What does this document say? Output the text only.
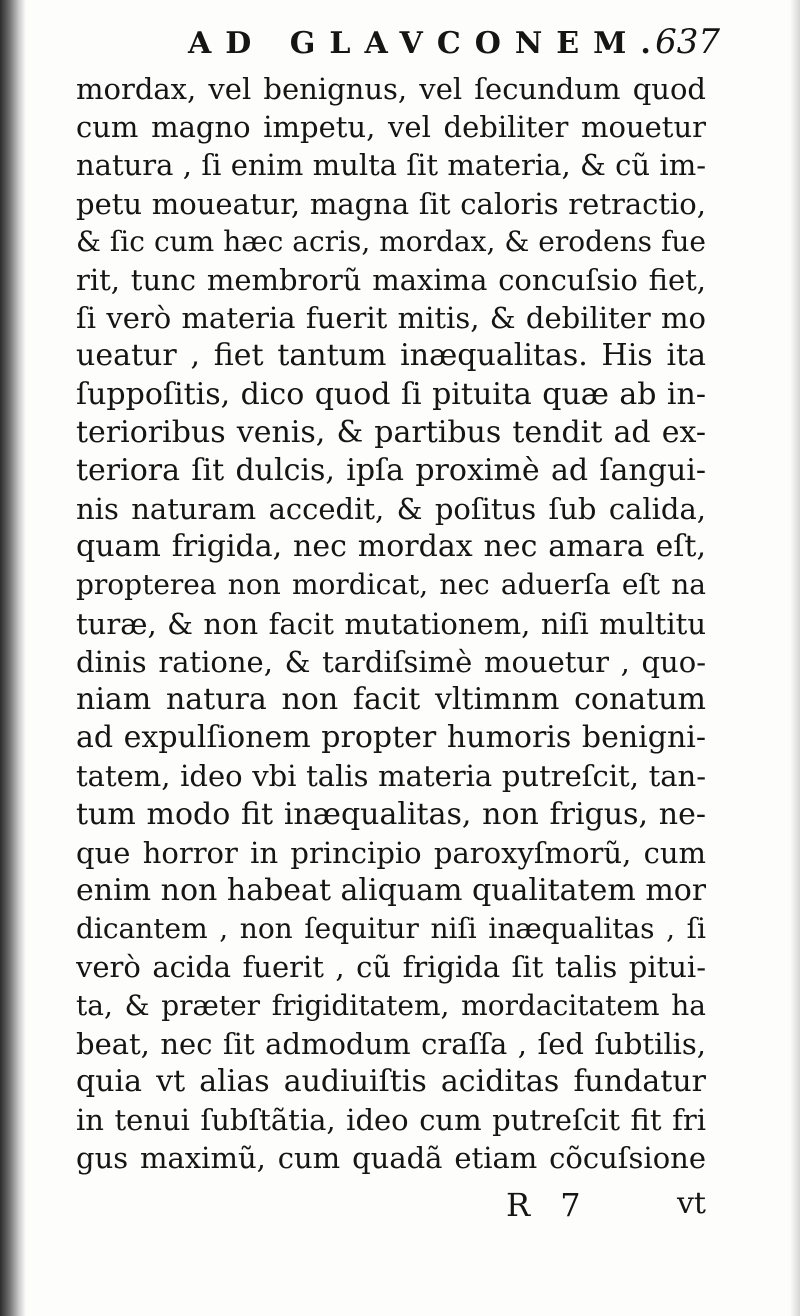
AD GLAVCONEM.
637
mordax, vel benignus, vel ſecundum quod
cum magno impetu, vel debiliter mouetur
natura , ſi enim multa ſit materia, & cũ im-
petu moueatur, magna ſit caloris retractio,
& ſic cum hæc acris, mordax, & erodens fue
rit, tunc membrorũ maxima concuſsio fiet,
ſi verò materia fuerit mitis, & debiliter mo
ueatur , fiet tantum inæqualitas. His ita
ſuppoſitis, dico quod ſi pituita quæ ab in-
terioribus venis, & partibus tendit ad ex-
teriora ſit dulcis, ipſa proximè ad ſangui-
nis naturam accedit, & poſitus ſub calida,
quam frigida, nec mordax nec amara eſt,
propterea non mordicat, nec aduerſa eſt na
turæ, & non facit mutationem, niſi multitu
dinis ratione, & tardiſsimè mouetur , quo-
niam natura non facit vltimnm conatum
ad expulſionem propter humoris benigni-
tatem, ideo vbi talis materia putreſcit, tan-
tum modo fit inæqualitas, non frigus, ne-
que horror in principio paroxyſmorũ, cum
enim non habeat aliquam qualitatem mor
dicantem , non ſequitur niſi inæqualitas , ſi
verò acida fuerit , cũ frigida ſit talis pitui-
ta, & præter frigiditatem, mordacitatem ha
beat, nec ſit admodum craſſa , ſed ſubtilis,
quia vt alias audiuiſtis aciditas fundatur
in tenui ſubſtãtia, ideo cum putreſcit fit fri
gus maximũ, cum quadã etiam cõcuſsione
R 7	vt
